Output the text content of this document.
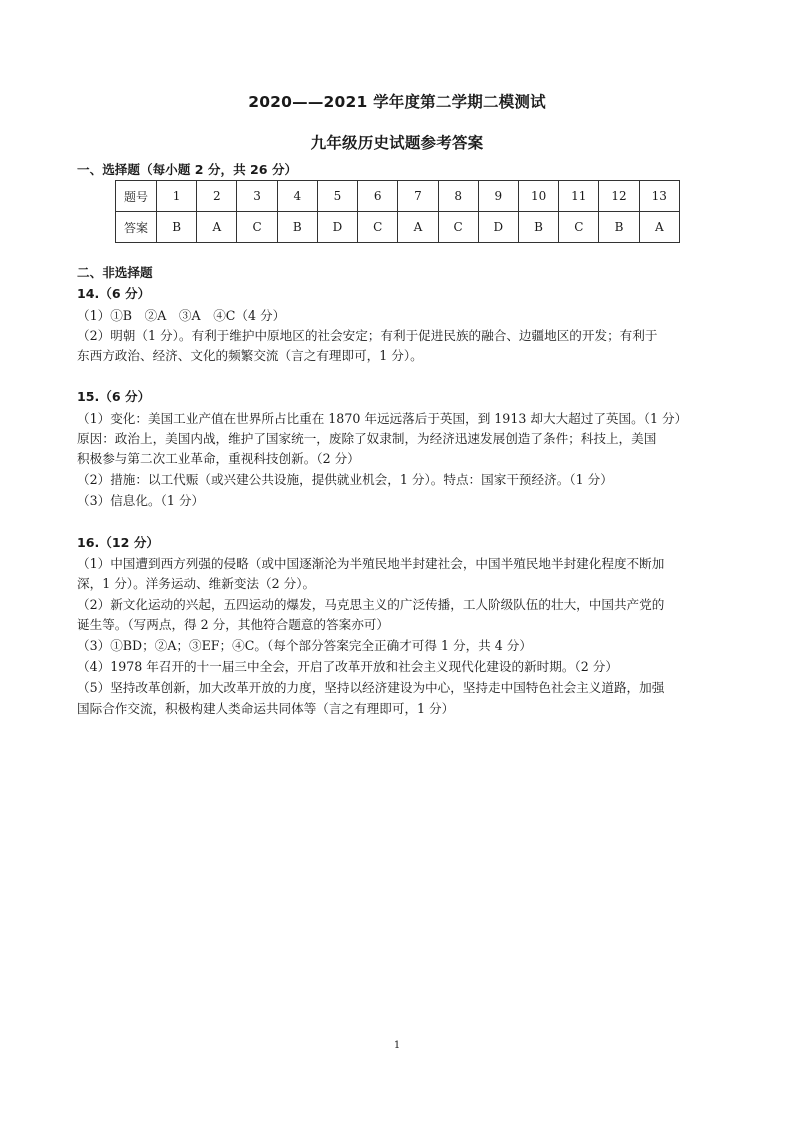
2020——2021 学年度第二学期二模测试
九年级历史试题参考答案
一、选择题（每小题 2 分，共 26 分）
题号	1	2	3	4	5	6	7	8	9	10	11	12	13
答案	B	A	C	B	D	C	A	C	D	B	C	B	A
二、非选择题
14.（6 分）
（1）①B　②A　③A　④C（4 分）
（2）明朝（1 分）。有利于维护中原地区的社会安定；有利于促进民族的融合、边疆地区的开发；有利于
东西方政治、经济、文化的频繁交流（言之有理即可，1 分）。
15.（6 分）
（1）变化：美国工业产值在世界所占比重在 1870 年远远落后于英国，到 1913 却大大超过了英国。（1 分）
原因：政治上，美国内战，维护了国家统一，废除了奴隶制，为经济迅速发展创造了条件；科技上，美国
积极参与第二次工业革命，重视科技创新。（2 分）
（2）措施：以工代赈（或兴建公共设施，提供就业机会，1 分）。特点：国家干预经济。（1 分）
（3）信息化。（1 分）
16.（12 分）
（1）中国遭到西方列强的侵略（或中国逐渐沦为半殖民地半封建社会，中国半殖民地半封建化程度不断加
深，1 分）。洋务运动、维新变法（2 分）。
（2）新文化运动的兴起，五四运动的爆发，马克思主义的广泛传播，工人阶级队伍的壮大，中国共产党的
诞生等。（写两点，得 2 分，其他符合题意的答案亦可）
（3）①BD；②A；③EF；④C。（每个部分答案完全正确才可得 1 分，共 4 分）
（4）1978 年召开的十一届三中全会，开启了改革开放和社会主义现代化建设的新时期。（2 分）
（5）坚持改革创新，加大改革开放的力度，坚持以经济建设为中心，坚持走中国特色社会主义道路，加强
国际合作交流，积极构建人类命运共同体等（言之有理即可，1 分）
1
